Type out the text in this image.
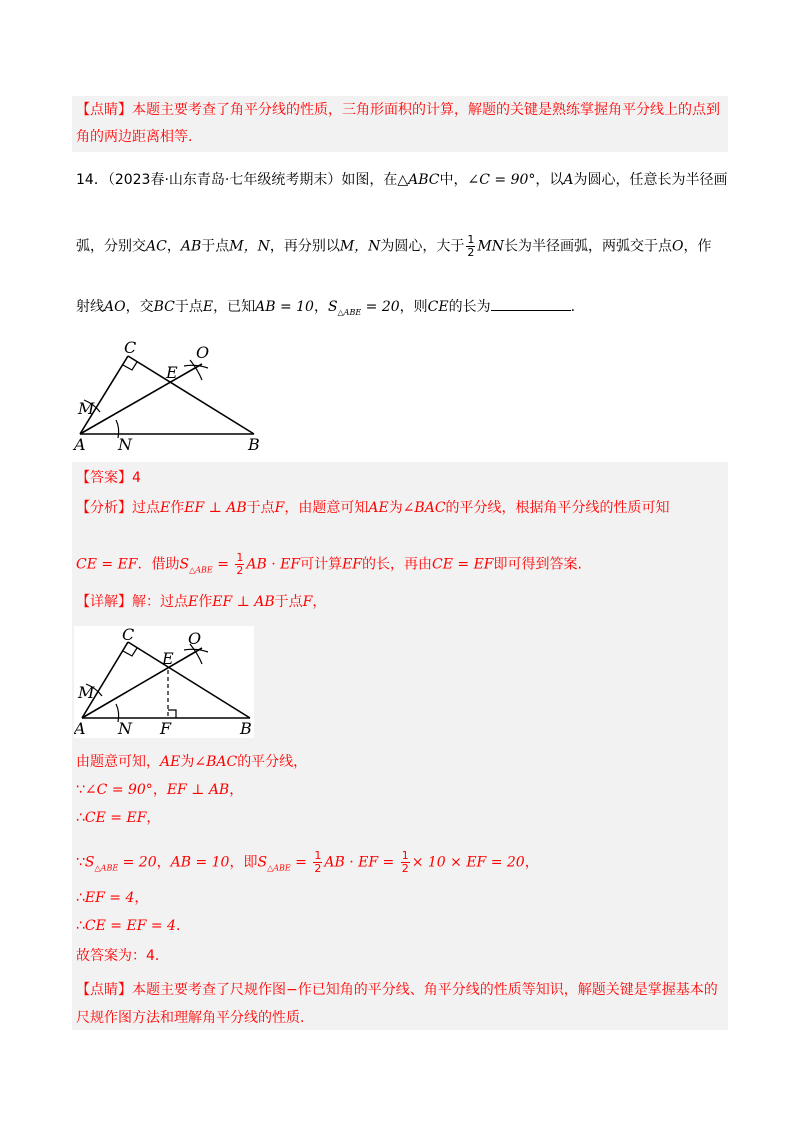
【点睛】本题主要考查了角平分线的性质，三角形面积的计算，解题的关键是熟练掌握角平分线上的点到
角的两边距离相等.
14．（2023春·山东青岛·七年级统考期末）如图，在△ABC中，∠C = 90°，以A为圆心，任意长为半径画
弧，分别交AC，AB于点M，N，再分别以M，N为圆心，大于 $\frac{1}{2}$ MN长为半径画弧，两弧交于点O，作
射线AO，交BC于点E，已知AB = 10，$S_{\triangle ABE} = 20$，则CE的长为	.
C
E
O
M
A N	B
【答案】4
【分析】过点E作EF ⊥ AB于点F，由题意可知AE为∠BAC的平分线，根据角平分线的性质可知
CE = EF．借助$S_{\triangle ABE} = \frac{1}{2}$ AB · EF可计算EF的长，再由CE = EF即可得到答案.
【详解】解：过点E作EF ⊥ AB于点F，
C
E
O
M
A N F	B
由题意可知，AE为∠BAC的平分线，
∵∠C = 90°，EF ⊥ AB，
∴CE = EF，
$\because S_{\triangle ABE} = 20$，AB = 10，即$S_{\triangle ABE} = \frac{1}{2}$ AB · EF = $\frac{1}{2} \times 10$ × EF = 20，
∴EF = 4，
∴CE = EF = 4．
故答案为：4．
【点睛】本题主要考查了尺规作图−作已知角的平分线、角平分线的性质等知识，解题关键是掌握基本的
尺规作图方法和理解角平分线的性质.
